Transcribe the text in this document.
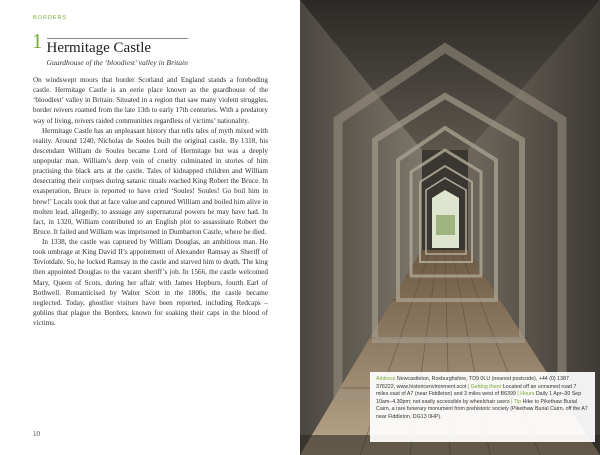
BORDERS
1 Hermitage Castle
Guardhouse of the ‘bloodiest’ valley in Britain

On windswept moors that border Scotland and England stands a foreboding castle. Hermitage Castle is an eerie place known as the guardhouse of the ‘bloodiest’ valley in Britain. Situated in a region that saw many violent struggles, border reivers roamed from the late 13th to early 17th centuries. With a predatory way of living, reivers raided communities regardless of victims’ nationality.

Hermitage Castle has an unpleasant history that tells tales of myth mixed with reality. Around 1240, Nicholas de Soules built the original castle. By 1318, his descendant William de Soules became Lord of Hermitage but was a deeply unpopular man. William’s deep vein of cruelty culminated in stories of him practising the black arts at the castle. Tales of kidnapped children and William desecrating their corpses during satanic rituals reached King Robert the Bruce. In exasperation, Bruce is reported to have cried ‘Soules! Soules! Go boil him in brew!’ Locals took that at face value and captured William and boiled him alive in molten lead, allegedly, to assuage any supernatural powers he may have had. In fact, in 1320, William contributed to an English plot to assassinate Robert the Bruce. It failed and William was imprisoned in Dumbarton Castle, where he died.

In 1338, the castle was captured by William Douglas, an ambitious man. He took umbrage at King David II’s appointment of Alexander Ramsay as Sheriff of Teviotdale. So, he locked Ramsay in the castle and starved him to death. The king then appointed Douglas to the vacant sheriff’s job. In 1566, the castle welcomed Mary, Queen of Scots, during her affair with James Hepburn, fourth Earl of Bothwell. Romanticised by Walter Scott in the 1800s, the castle became neglected. Today, ghostlier visitors have been reported, including Redcaps – goblins that plague the Borders, known for soaking their caps in the blood of victims.

10
Address Newcastleton, Roxburghshire, TD9 0LU (nearest postcode), +44 (0) 1387 376222, www.historicenvironment.scot | Getting there Located off an unnamed road 7 miles east of A7 (near Fiddleton) and 3 miles west of B6399 | Hours Daily 1 Apr–30 Sep 10am–4.30pm; not easily accessible by wheelchair users | Tip Hike to Pikethaw Burial Cairn, a rare funerary monument from prehistoric society (Pikethaw Burial Cairn, off the A7 near Fiddleton, DG13 0HP).
